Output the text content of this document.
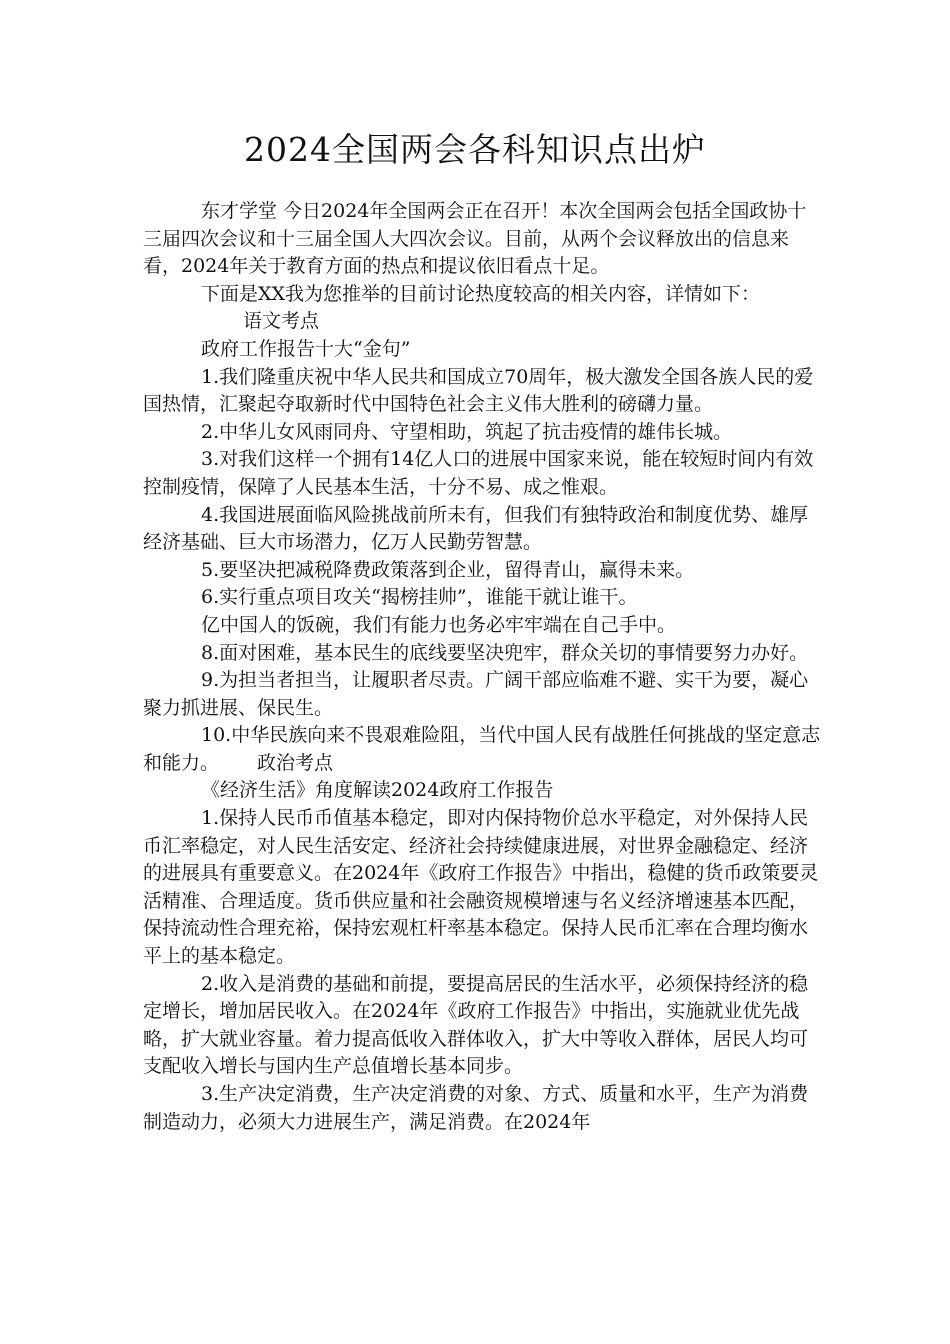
2024全国两会各科知识点出炉

东才学堂 今日2024年全国两会正在召开！本次全国两会包括全国政协十三届四次会议和十三届全国人大四次会议。目前，从两个会议释放出的信息来看，2024年关于教育方面的热点和提议依旧看点十足。

下面是XX我为您推举的目前讨论热度较高的相关内容，详情如下：

语文考点

政府工作报告十大“金句”

1.我们隆重庆祝中华人民共和国成立70周年，极大激发全国各族人民的爱国热情，汇聚起夺取新时代中国特色社会主义伟大胜利的磅礴力量。

2.中华儿女风雨同舟、守望相助，筑起了抗击疫情的雄伟长城。

3.对我们这样一个拥有14亿人口的进展中国家来说，能在较短时间内有效控制疫情，保障了人民基本生活，十分不易、成之惟艰。

4.我国进展面临风险挑战前所未有，但我们有独特政治和制度优势、雄厚经济基础、巨大市场潜力，亿万人民勤劳智慧。

5.要坚决把减税降费政策落到企业，留得青山，赢得未来。

6.实行重点项目攻关“揭榜挂帅”，谁能干就让谁干。

亿中国人的饭碗，我们有能力也务必牢牢端在自己手中。

8.面对困难，基本民生的底线要坚决兜牢，群众关切的事情要努力办好。

9.为担当者担当，让履职者尽责。广阔干部应临难不避、实干为要，凝心聚力抓进展、保民生。

10.中华民族向来不畏艰难险阻，当代中国人民有战胜任何挑战的坚定意志和能力。 政治考点

《经济生活》角度解读2024政府工作报告

1.保持人民币币值基本稳定，即对内保持物价总水平稳定，对外保持人民币汇率稳定，对人民生活安定、经济社会持续健康进展，对世界金融稳定、经济的进展具有重要意义。在2024年《政府工作报告》中指出，稳健的货币政策要灵活精准、合理适度。货币供应量和社会融资规模增速与名义经济增速基本匹配，保持流动性合理充裕，保持宏观杠杆率基本稳定。保持人民币汇率在合理均衡水平上的基本稳定。

2.收入是消费的基础和前提，要提高居民的生活水平，必须保持经济的稳定增长，增加居民收入。在2024年《政府工作报告》中指出，实施就业优先战略，扩大就业容量。着力提高低收入群体收入，扩大中等收入群体，居民人均可支配收入增长与国内生产总值增长基本同步。

3.生产决定消费，生产决定消费的对象、方式、质量和水平，生产为消费制造动力，必须大力进展生产，满足消费。在2024年
